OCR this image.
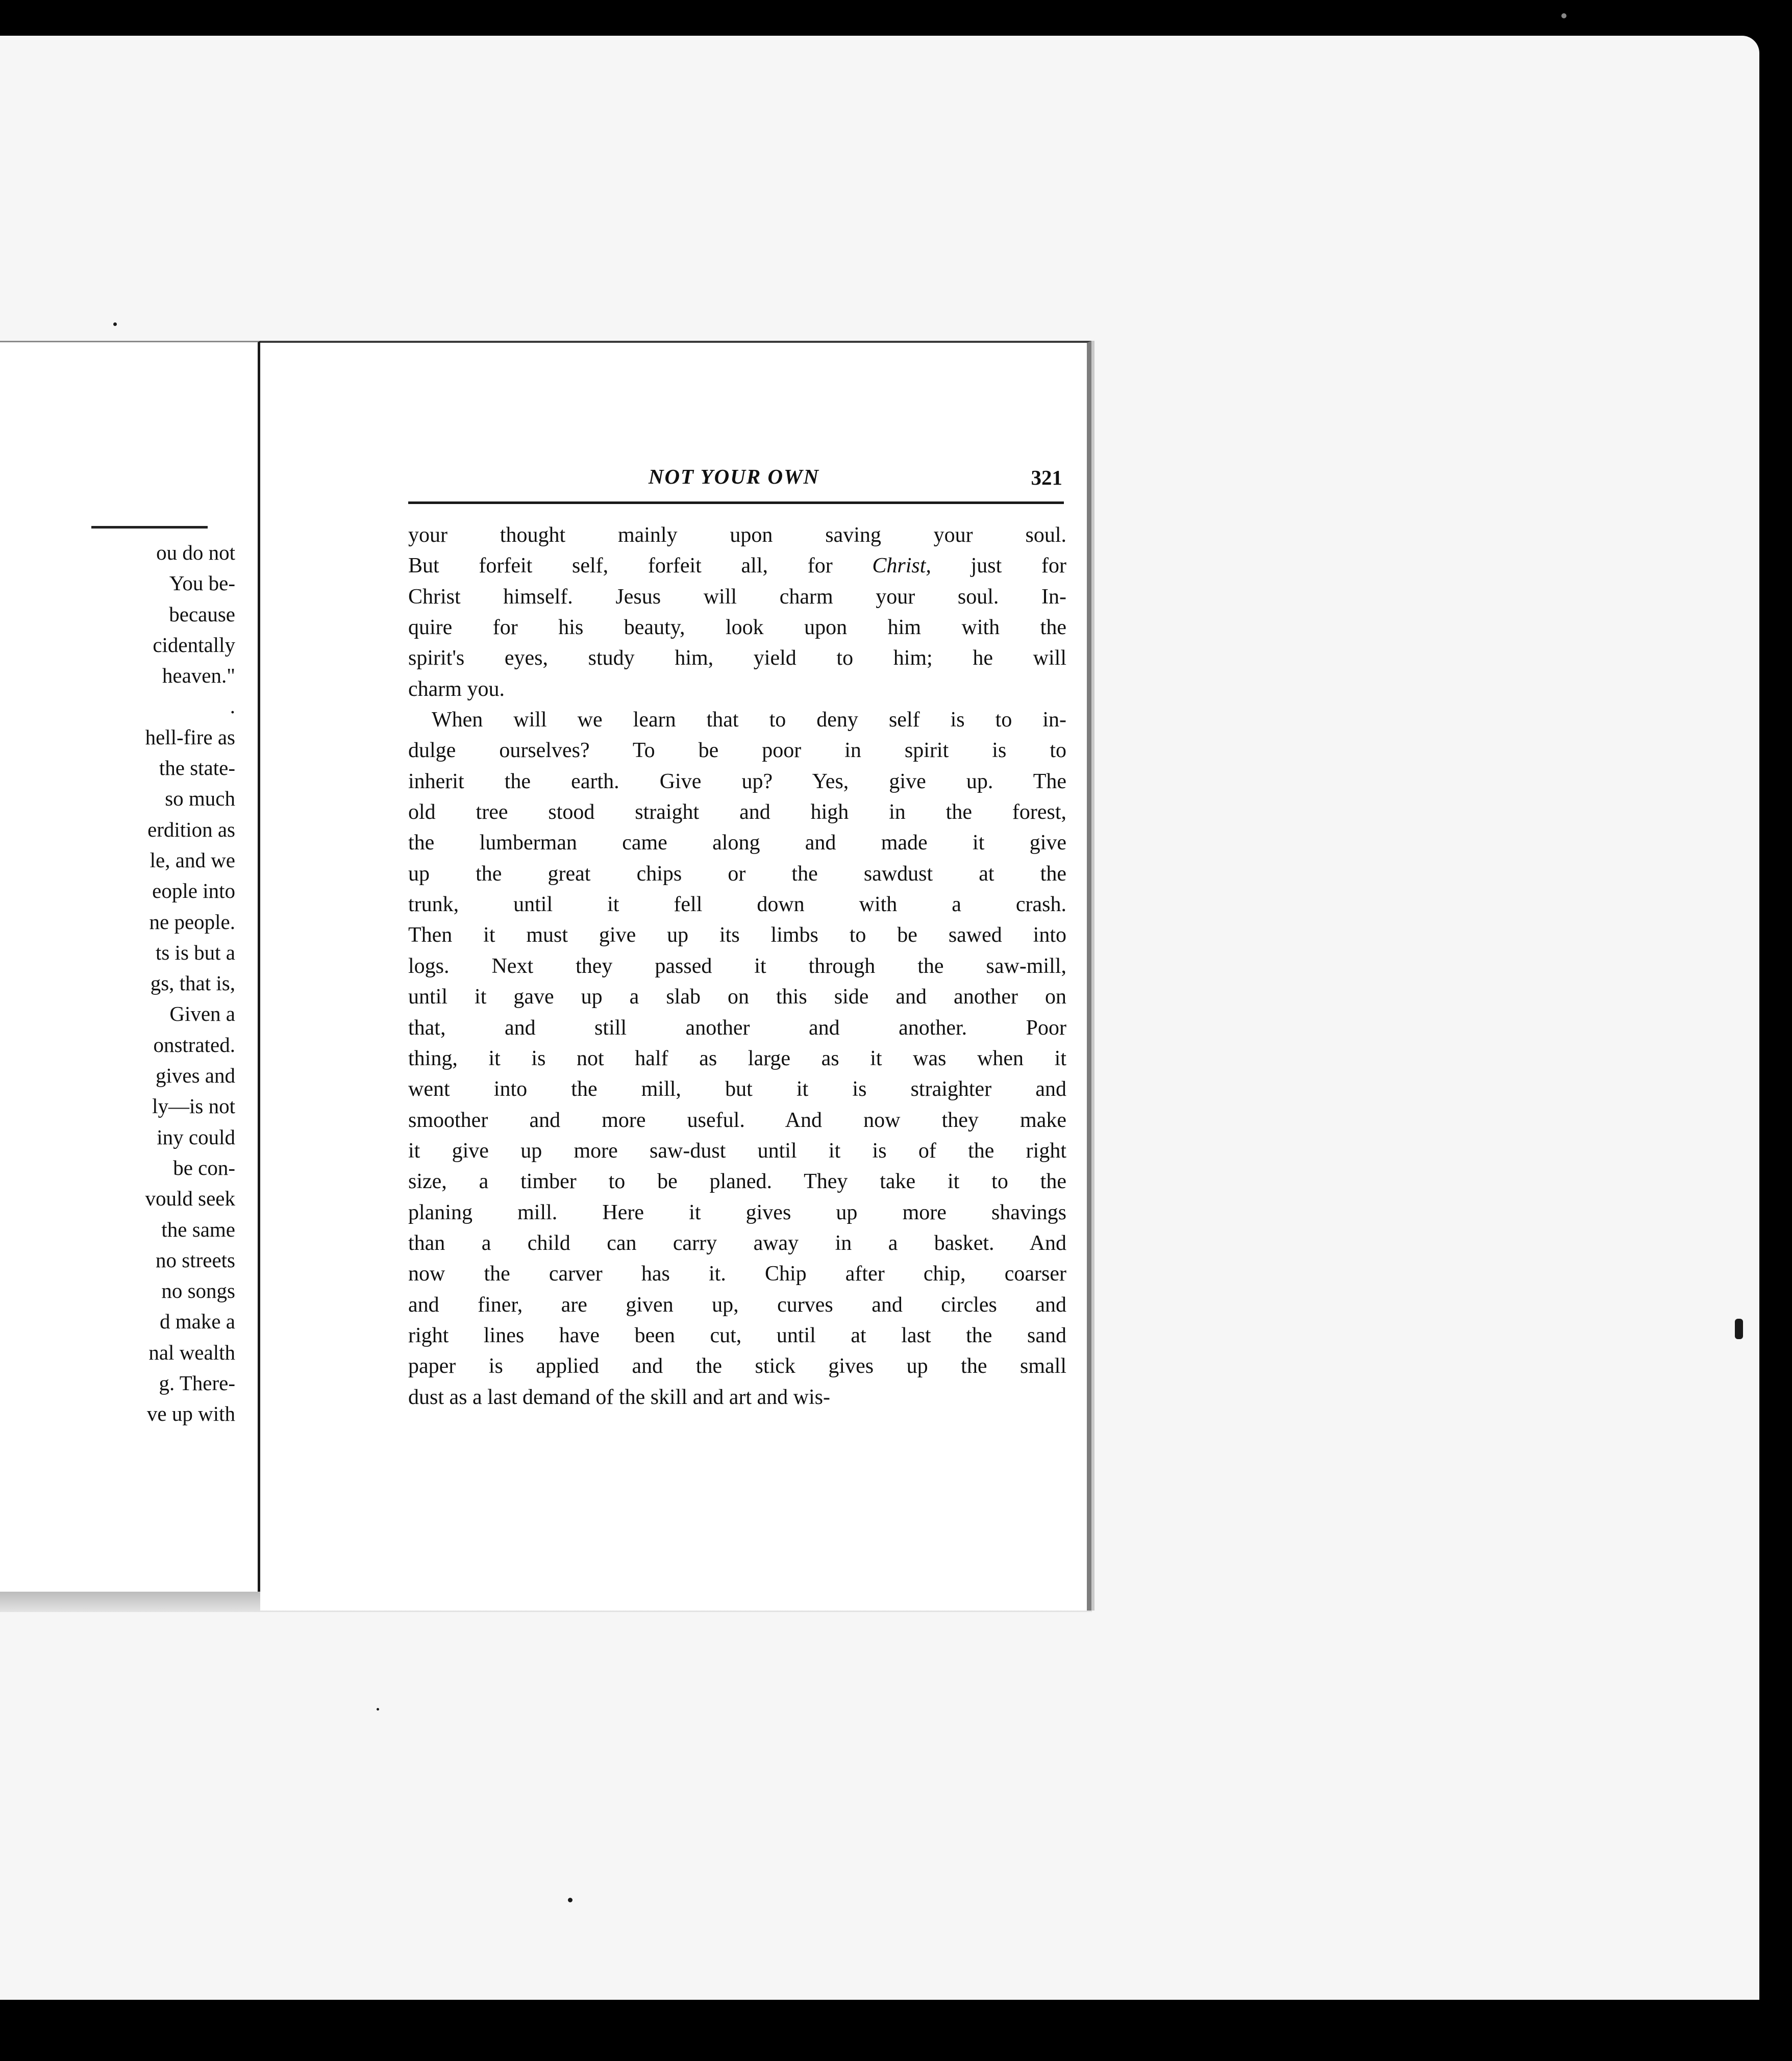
ou do not
You be-
because
cidentally
heaven."
.
hell-fire as
the state-
so much
erdition as
le, and we
eople into
ne people.
ts is but a
gs, that is,
Given a
onstrated.
gives and
ly—is not
iny could
be con-
vould seek
the same
no streets
no songs
d make a
nal wealth
g. There-
ve up with
NOT YOUR OWN	321
your thought mainly upon saving your soul.
But forfeit self, forfeit all, for Christ, just for
Christ himself. Jesus will charm your soul. In-
quire for his beauty, look upon him with the
spirit's eyes, study him, yield to him; he will
charm you.
When will we learn that to deny self is to in-
dulge ourselves? To be poor in spirit is to
inherit the earth. Give up? Yes, give up. The
old tree stood straight and high in the forest,
the lumberman came along and made it give
up the great chips or the sawdust at the
trunk, until it fell down with a crash.
Then it must give up its limbs to be sawed into
logs. Next they passed it through the saw-mill,
until it gave up a slab on this side and another on
that, and still another and another. Poor
thing, it is not half as large as it was when it
went into the mill, but it is straighter and
smoother and more useful. And now they make
it give up more saw-dust until it is of the right
size, a timber to be planed. They take it to the
planing mill. Here it gives up more shavings
than a child can carry away in a basket. And
now the carver has it. Chip after chip, coarser
and finer, are given up, curves and circles and
right lines have been cut, until at last the sand
paper is applied and the stick gives up the small
dust as a last demand of the skill and art and wis-
